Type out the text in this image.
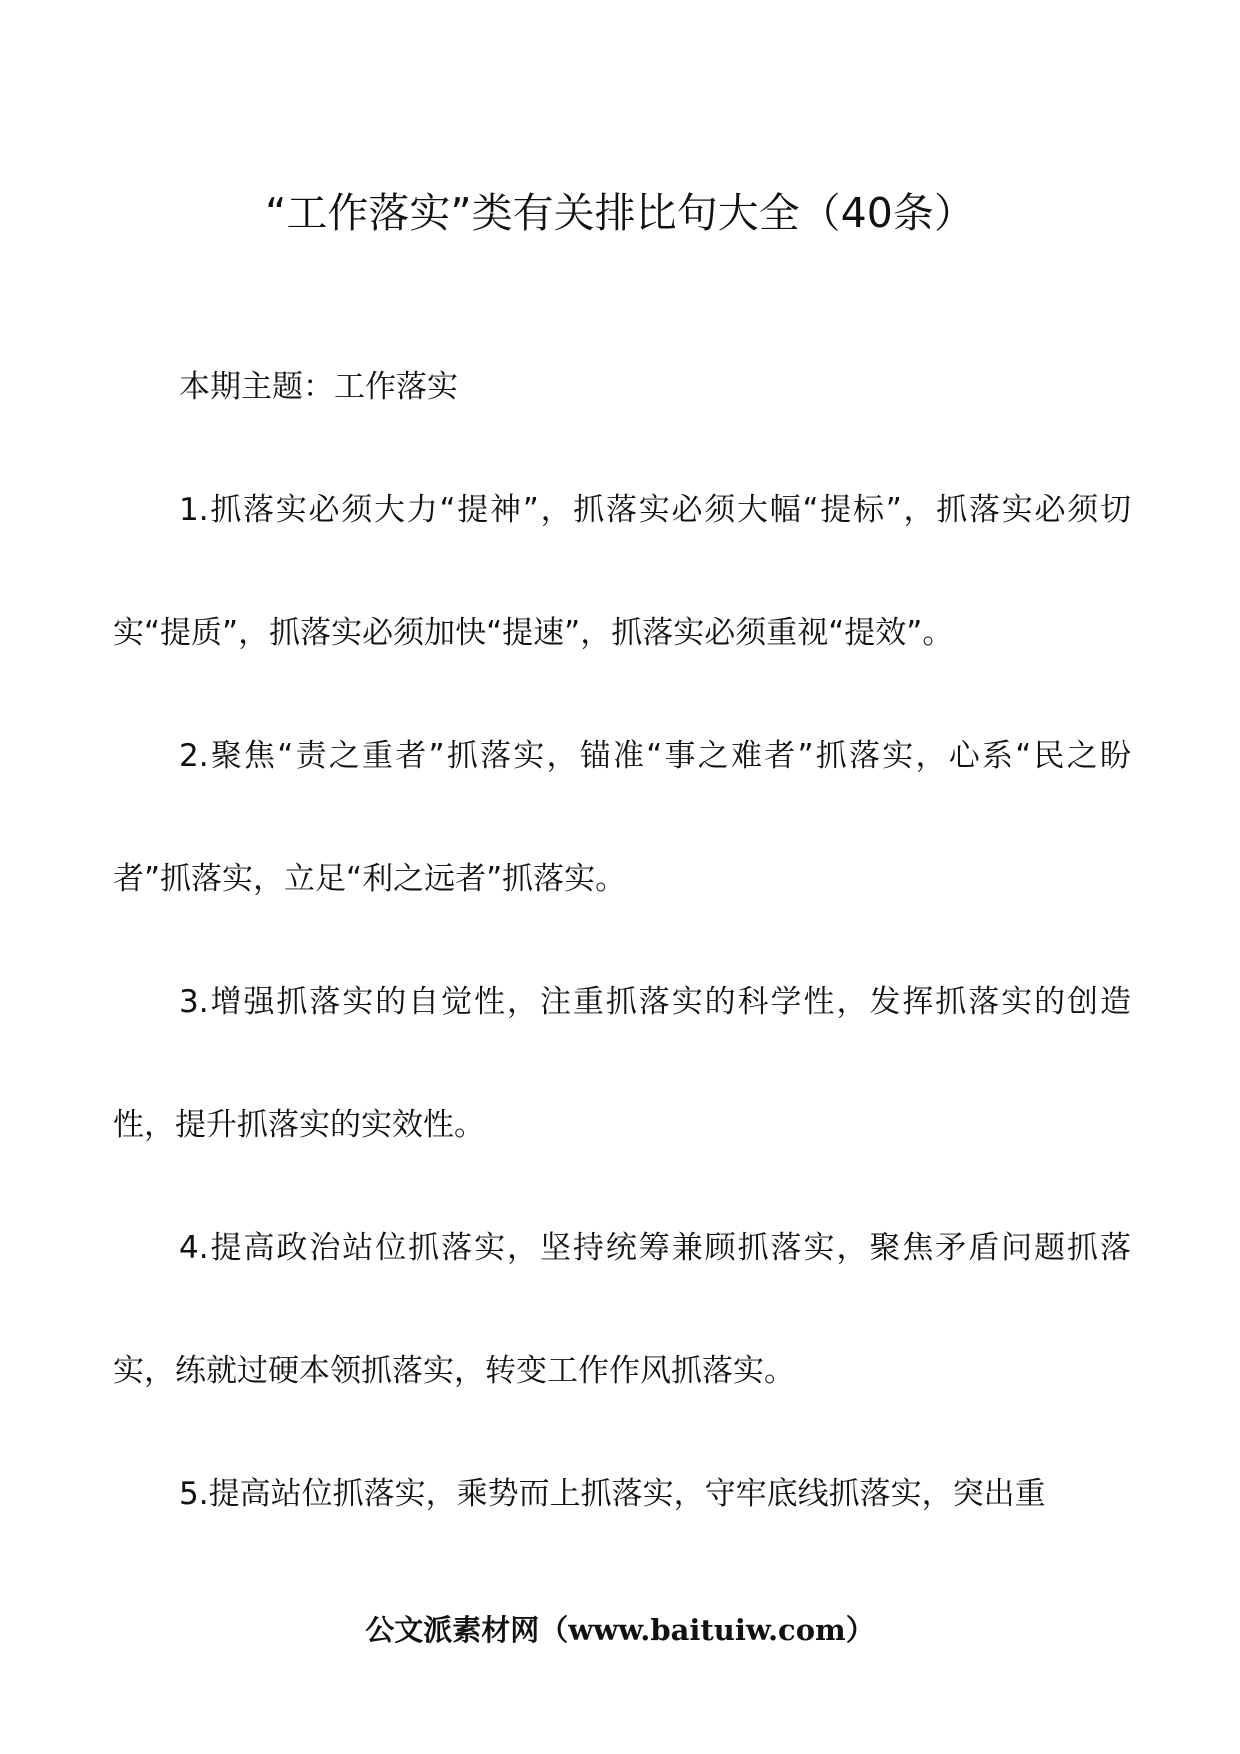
“工作落实”类有关排比句大全（40条）

本期主题：工作落实

1.抓落实必须大力“提神”，抓落实必须大幅“提标”，抓落实必须切实“提质”，抓落实必须加快“提速”，抓落实必须重视“提效”。

2.聚焦“责之重者”抓落实，锚准“事之难者”抓落实，心系“民之盼者”抓落实，立足“利之远者”抓落实。

3.增强抓落实的自觉性，注重抓落实的科学性，发挥抓落实的创造性，提升抓落实的实效性。

4.提高政治站位抓落实，坚持统筹兼顾抓落实，聚焦矛盾问题抓落实，练就过硬本领抓落实，转变工作作风抓落实。

5.提高站位抓落实，乘势而上抓落实，守牢底线抓落实，突出重

公文派素材网（www.baituiw.com）
